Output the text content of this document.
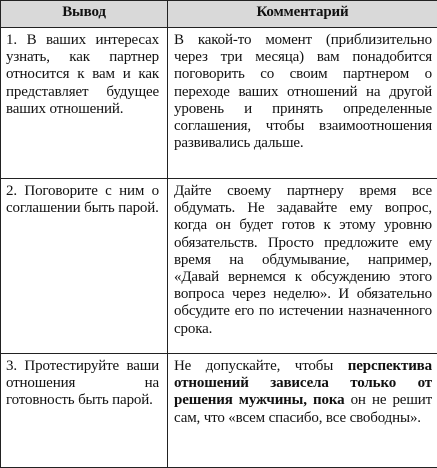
Вывод	Комментарий

1. В ваших интересах узнать, как партнер относится к вам и как представляет будущее ваших отношений.	В какой-то момент (приблизительно через три месяца) вам понадобится поговорить со своим партнером о переходе ваших отношений на другой уровень и принять определенные соглашения, чтобы взаимоотношения развивались дальше.

2. Поговорите с ним о соглашении быть парой.	Дайте своему партнеру время все обдумать. Не задавайте ему вопрос, когда он будет готов к этому уровню обязательств. Просто предложите ему время на обдумывание, например, «Давай вернемся к обсуждению этого вопроса через неделю». И обязательно обсудите его по истечении назначенного срока.

3. Протестируйте ваши отношения на готовность быть парой.	Не допускайте, чтобы перспектива отношений зависела только от решения мужчины, пока он не решит сам, что «всем спасибо, все свободны».
